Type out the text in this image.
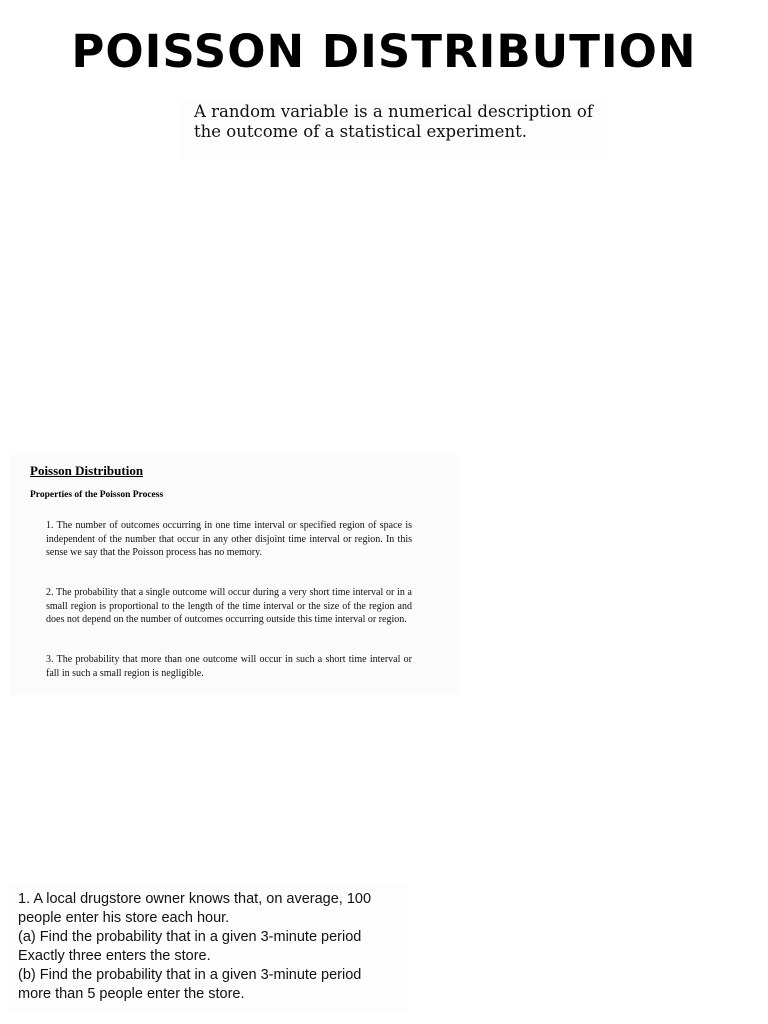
POISSON DISTRIBUTION

A random variable is a numerical description of
the outcome of a statistical experiment.

Poisson Distribution

Properties of the Poisson Process

1. The number of outcomes occurring in one time interval or specified region of space is independent of the number that occur in any other disjoint time interval or region. In this sense we say that the Poisson process has no memory.

2. The probability that a single outcome will occur during a very short time interval or in a small region is proportional to the length of the time interval or the size of the region and does not depend on the number of outcomes occurring outside this time interval or region.

3. The probability that more than one outcome will occur in such a short time interval or fall in such a small region is negligible.

1. A local drugstore owner knows that, on average, 100

people enter his store each hour.

(a) Find the probability that in a given 3-minute period

Exactly three enters the store.

(b) Find the probability that in a given 3-minute period

more than 5 people enter the store.
